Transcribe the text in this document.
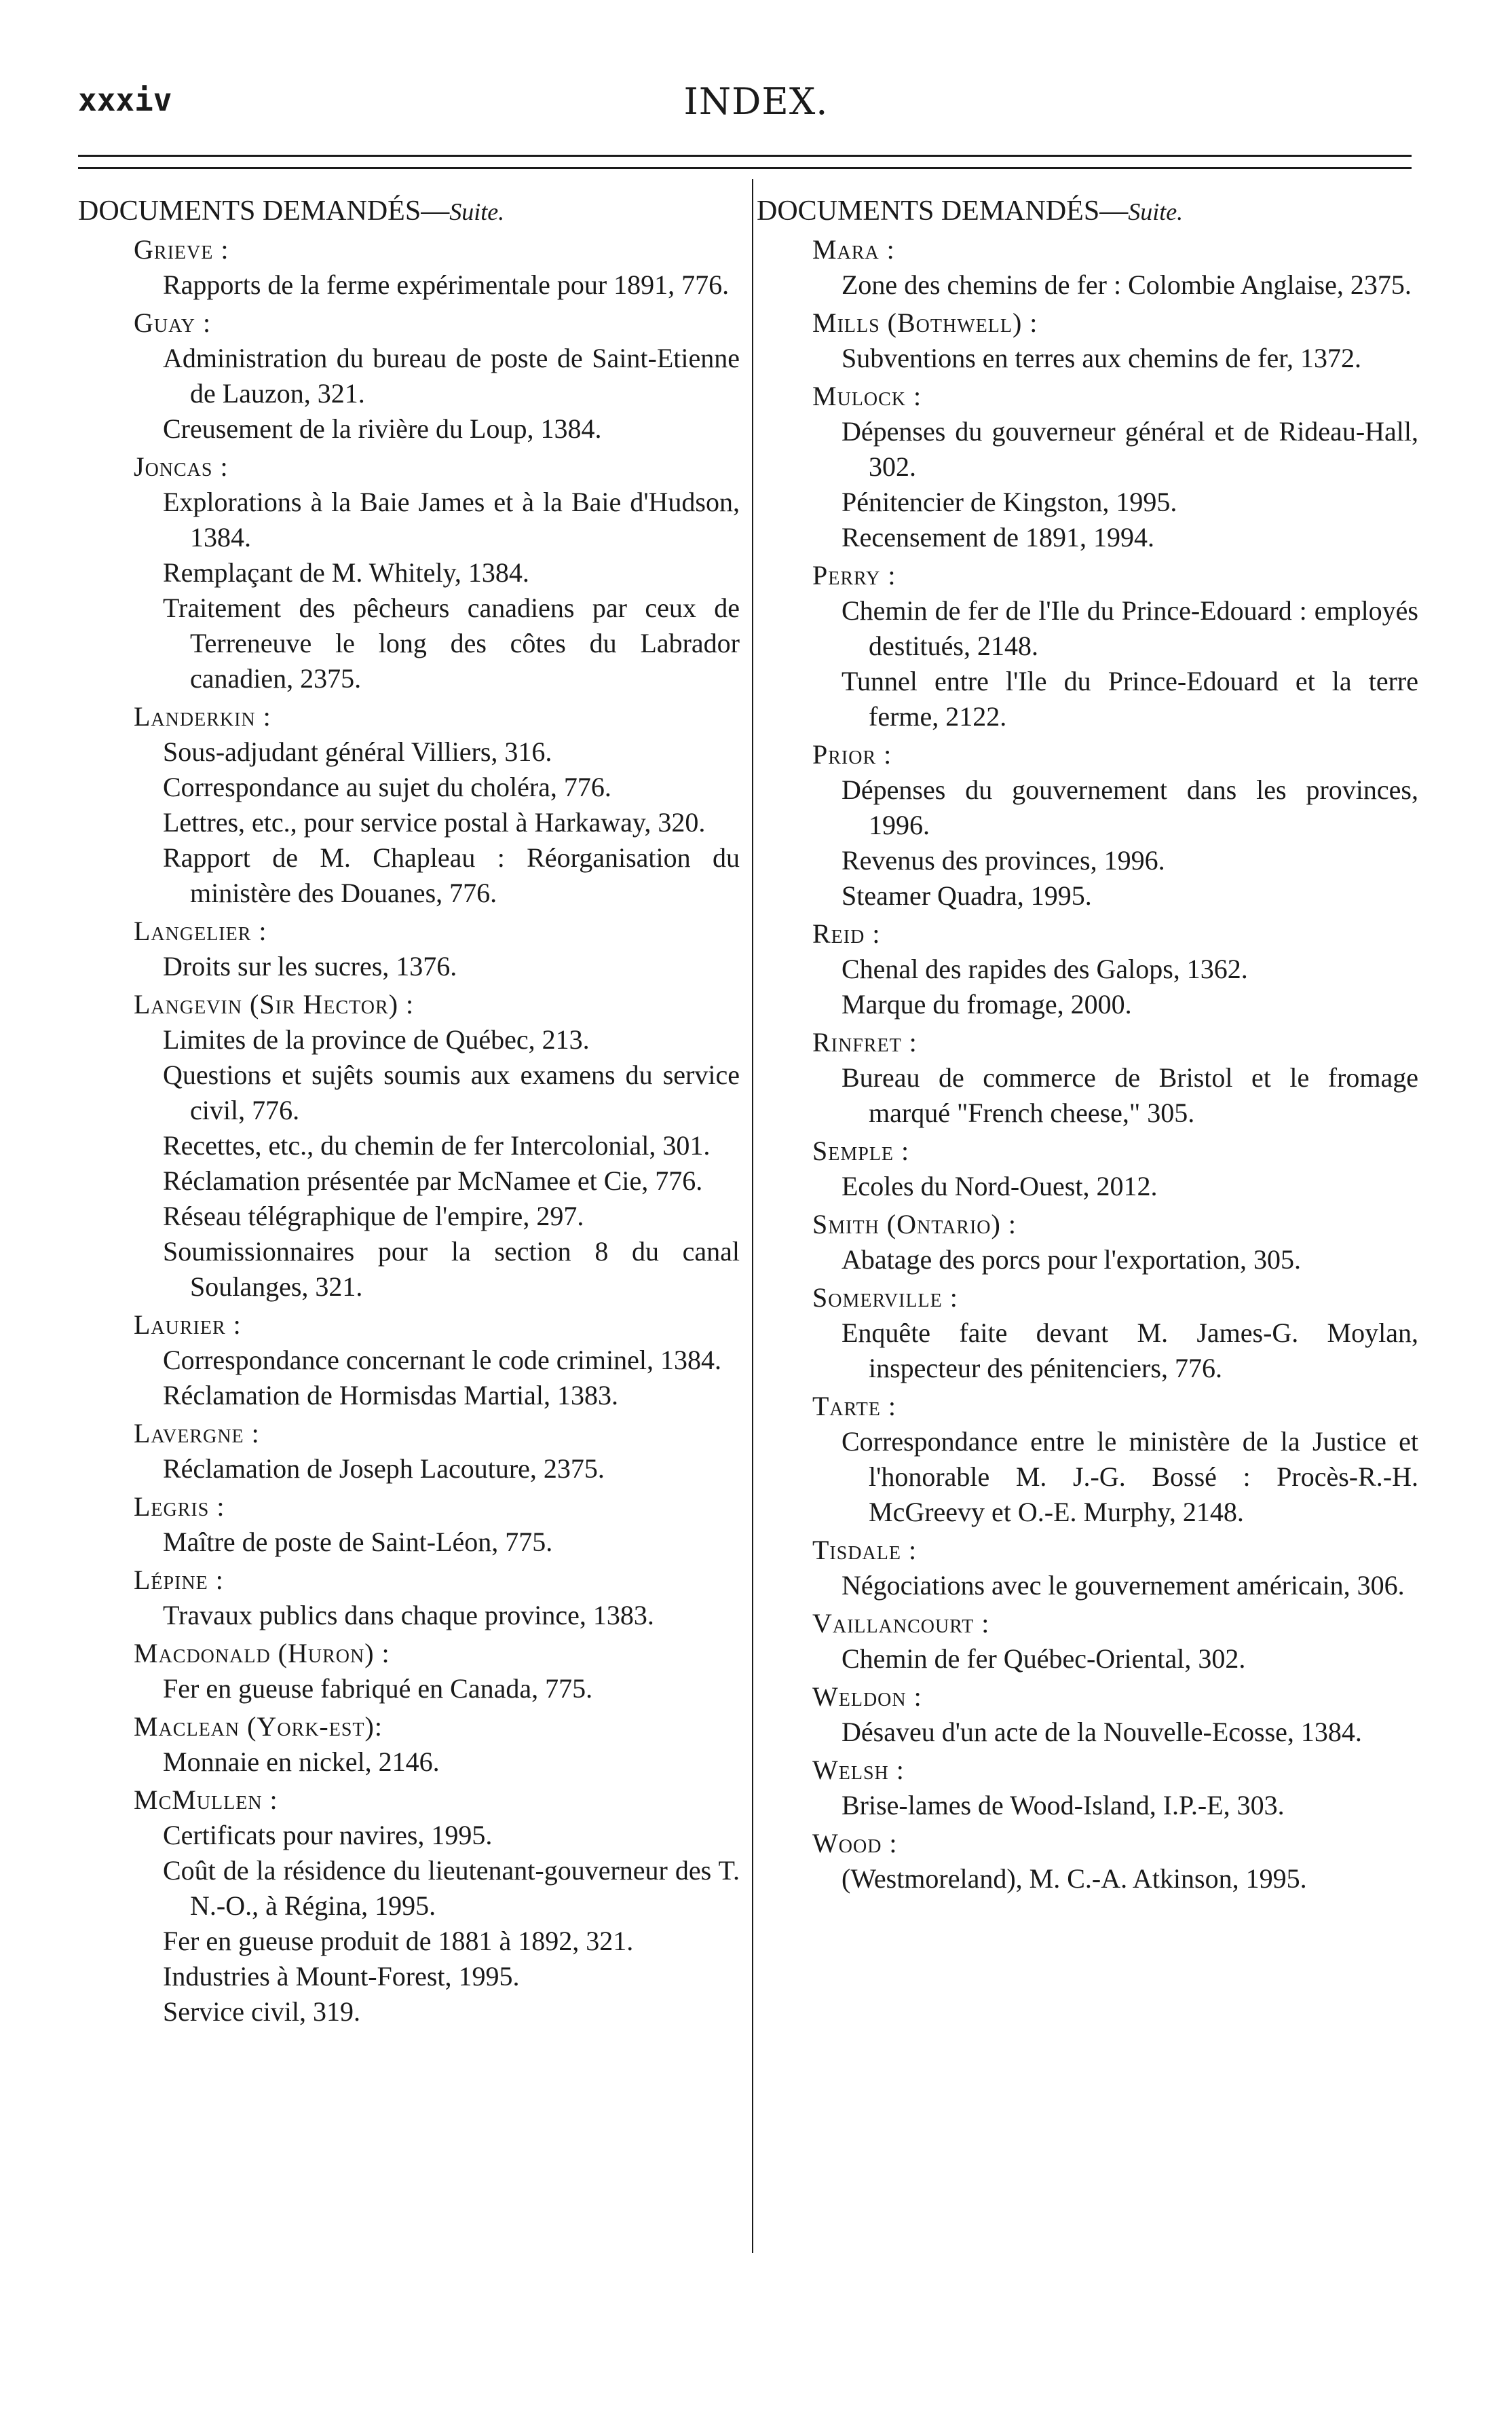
xxxiv	INDEX.
DOCUMENTS DEMANDÉS—Suite.
Grieve :
Rapports de la ferme expérimentale pour 1891, 776.
Guay :
Administration du bureau de poste de Saint-Etienne de Lauzon, 321.
Creusement de la rivière du Loup, 1384.
Joncas :
Explorations à la Baie James et à la Baie d'Hudson, 1384.
Remplaçant de M. Whitely, 1384.
Traitement des pêcheurs canadiens par ceux de Terreneuve le long des côtes du Labrador canadien, 2375.
Landerkin :
Sous-adjudant général Villiers, 316.
Correspondance au sujet du choléra, 776.
Lettres, etc., pour service postal à Harkaway, 320.
Rapport de M. Chapleau : Réorganisation du ministère des Douanes, 776.
Langelier :
Droits sur les sucres, 1376.
Langevin (Sir Hector) :
Limites de la province de Québec, 213.
Questions et sujêts soumis aux examens du service civil, 776.
Recettes, etc., du chemin de fer Intercolonial, 301.
Réclamation présentée par McNamee et Cie, 776.
Réseau télégraphique de l'empire, 297.
Soumissionnaires pour la section 8 du canal Soulanges, 321.
Laurier :
Correspondance concernant le code criminel, 1384.
Réclamation de Hormisdas Martial, 1383.
Lavergne :
Réclamation de Joseph Lacouture, 2375.
Legris :
Maître de poste de Saint-Léon, 775.
Lépine :
Travaux publics dans chaque province, 1383.
Macdonald (Huron) :
Fer en gueuse fabriqué en Canada, 775.
Maclean (York-est):
Monnaie en nickel, 2146.
McMullen :
Certificats pour navires, 1995.
Coût de la résidence du lieutenant-gouverneur des T. N.-O., à Régina, 1995.
Fer en gueuse produit de 1881 à 1892, 321.
Industries à Mount-Forest, 1995.
Service civil, 319.
DOCUMENTS DEMANDÉS—Suite.
Mara :
Zone des chemins de fer : Colombie Anglaise, 2375.
Mills (Bothwell) :
Subventions en terres aux chemins de fer, 1372.
Mulock :
Dépenses du gouverneur général et de Rideau-Hall, 302.
Pénitencier de Kingston, 1995.
Recensement de 1891, 1994.
Perry :
Chemin de fer de l'Ile du Prince-Edouard : employés destitués, 2148.
Tunnel entre l'Ile du Prince-Edouard et la terre ferme, 2122.
Prior :
Dépenses du gouvernement dans les provinces, 1996.
Revenus des provinces, 1996.
Steamer Quadra, 1995.
Reid :
Chenal des rapides des Galops, 1362.
Marque du fromage, 2000.
Rinfret :
Bureau de commerce de Bristol et le fromage marqué "French cheese," 305.
Semple :
Ecoles du Nord-Ouest, 2012.
Smith (Ontario) :
Abatage des porcs pour l'exportation, 305.
Somerville :
Enquête faite devant M. James-G. Moylan, inspecteur des pénitenciers, 776.
Tarte :
Correspondance entre le ministère de la Justice et l'honorable M. J.-G. Bossé : Procès-R.-H. McGreevy et O.-E. Murphy, 2148.
Tisdale :
Négociations avec le gouvernement américain, 306.
Vaillancourt :
Chemin de fer Québec-Oriental, 302.
Weldon :
Désaveu d'un acte de la Nouvelle-Ecosse, 1384.
Welsh :
Brise-lames de Wood-Island, I.P.-E, 303.
Wood :
(Westmoreland), M. C.-A. Atkinson, 1995.
